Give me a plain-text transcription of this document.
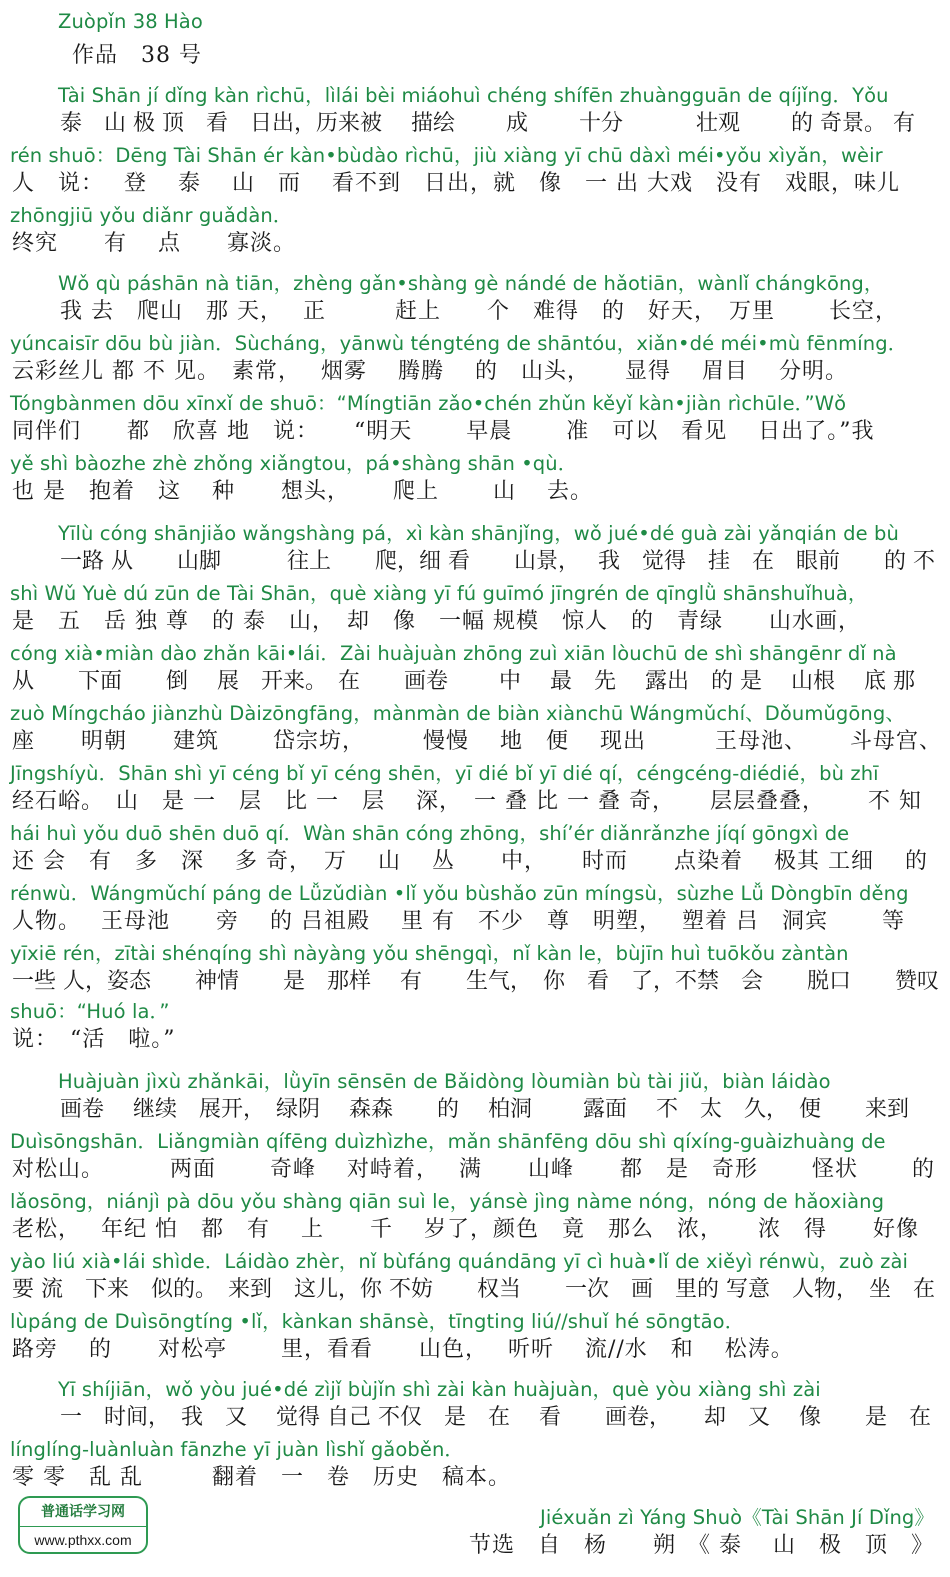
Zuòpǐn 38 Hào
作品　38 号
Tài Shān jí dǐng kàn rìchū，lìlái bèi miáohuì chéng shífēn zhuàngguān de qíjǐng．Yǒu
泰　山 极 顶　看　日出，历来被　 描绘　　 成　　 十分　　　 壮观　　 的 奇景。 有
rén shuō：Dēng Tài Shān ér kàn•bùdào rìchū，jiù xiàng yī chū dàxì méi•yǒu xìyǎn，wèir
人　说：　 登　 泰　 山　而　 看不到　日出，就　像　一 出 大戏　没有　戏眼，味儿
zhōngjiū yǒu diǎnr guǎdàn．
终究　　有　 点　　寡淡。
Wǒ qù páshān nà tiān，zhèng gǎn•shàng gè nándé de hǎotiān，wànlǐ chángkōng，
我 去　爬山　那 天，　 正　　　赶上　　个　难得　的　好天，　万里　　 长空，
yúncaisīr dōu bù jiàn．Sùcháng，yānwù téngténg de shāntóu，xiǎn•dé méi•mù fēnmíng．
云彩丝儿 都 不 见。　素常，　 烟雾　 腾腾　 的　山头，　　显得　 眉目　 分明。
Tóngbànmen dōu xīnxǐ de shuō：“Míngtiān zǎo•chén zhǔn kěyǐ kàn•jiàn rìchūle．”Wǒ
同伴们　　都　欣喜 地　说：　　“明天　　 早晨　　 准　可以　看见　 日出了。”我
yě shì bàozhe zhè zhǒng xiǎngtou，pá•shàng shān •qù．
也 是　抱着　这　 种　　想头，　　 爬上　　 山　 去。
Yīlù cóng shānjiǎo wǎngshàng pá，xì kàn shānjǐng，wǒ jué•dé guà zài yǎnqián de bù
一路 从　　山脚　　　往上　　爬，细 看　　山景，　 我　觉得　挂　在　眼前　　的 不
shì Wǔ Yuè dú zūn de Tài Shān，què xiàng yī fú guīmó jīngrén de qīnglǜ shānshuǐhuà，
是　五　岳 独 尊　的 泰　山，　却　像　一幅 规模　惊人　的　青绿　　山水画，
cóng xià•miàn dào zhǎn kāi•lái．Zài huàjuàn zhōng zuì xiān lòuchū de shì shāngēnr dǐ nà
从　　下面　　倒　 展　开来。　在　　画卷　　 中　 最　先　 露出　的 是　 山根　 底 那
zuò Míngcháo jiànzhù Dàizōngfāng，mànmàn de biàn xiànchū Wángmǔchí、Dǒumǔgōng、
座　　明朝　　建筑　　 岱宗坊，　　　慢慢　 地　便　 现出　　　王母池、　　 斗母宫、
Jīngshíyù．Shān shì yī céng bǐ yī céng shēn，yī dié bǐ yī dié qí，céngcéng-diédié，bù zhī
经石峪。　山　是 一　层　比 一　层　 深，　一 叠 比 一 叠 奇，　　层层叠叠，　　 不 知
hái huì yǒu duō shēn duō qí．Wàn shān cóng zhōng，shí’ér diǎnrǎnzhe jíqí gōngxì de
还 会　有　多　深　 多 奇，　万　 山　 丛　　中，　　时而　　点染着　 极其 工细　 的
rénwù．Wángmǔchí páng de Lǚzǔdiàn •lǐ yǒu bùshǎo zūn míngsù，sùzhe Lǚ Dòngbīn děng
人物。　 王母池　　旁　 的 吕祖殿　 里 有　不少　尊　明塑，　 塑着 吕　洞宾　　 等
yīxiē rén，zītài shénqíng shì nàyàng yǒu shēngqì，nǐ kàn le，bùjīn huì tuōkǒu zàntàn
一些 人，姿态　　神情　　是　那样　 有　　生气，　你　看　了，不禁　会　　脱口　　赞叹
shuō：“Huó la．”
说：　“活　啦。”
Huàjuàn jìxù zhǎnkāi，lǜyīn sēnsēn de Bǎidòng lòumiàn bù tài jiǔ，biàn láidào
画卷　 继续　展开，　绿阴　 森森　　的　 柏洞　　 露面　 不　太　久，　便　　来到
Duìsōngshān．Liǎngmiàn qífēng duìzhìzhe，mǎn shānfēng dōu shì qíxíng-guàizhuàng de
对松山。　　　 两面　　 奇峰　 对峙着，　 满　　山峰　　都　是　奇形　　 怪状　　 的
lǎosōng，niánjì pà dōu yǒu shàng qiān suì le，yánsè jìng nàme nóng，nóng de hǎoxiàng
老松，　 年纪 怕　都　有　 上　　千　 岁了，颜色　竟　那么　浓，　　浓　得　　好像
yào liú xià•lái shìde．Láidào zhèr，nǐ bùfáng quándāng yī cì huà•lǐ de xiěyì rénwù，zuò zài
要 流　下来　似的。　来到　这儿，你 不妨　　权当　　一次　画　里的 写意　人物，　坐　在
lùpáng de Duìsōngtíng •lǐ，kànkan shānsè，tīngting liú//shuǐ hé sōngtāo．
路旁　 的　　对松亭　　 里，看看　　山色，　 听听　 流//水　和　 松涛。
Yī shíjiān，wǒ yòu jué•dé zìjǐ bùjǐn shì zài kàn huàjuàn，què yòu xiàng shì zài
一　时间，　我　又　 觉得 自己 不仅　是　在　 看　　画卷，　　却　又　 像　　是　在
línglíng-luànluàn fānzhe yī juàn lìshǐ gǎoběn．
零 零　乱 乱　　　翻着　一　卷　历史　稿本。
普通话学习网
www.pthxx.com
Jiéxuǎn zì Yáng Shuò《Tài Shān Jí Dǐng》
节选　自　杨　　朔　《 泰　 山　极　顶　》
